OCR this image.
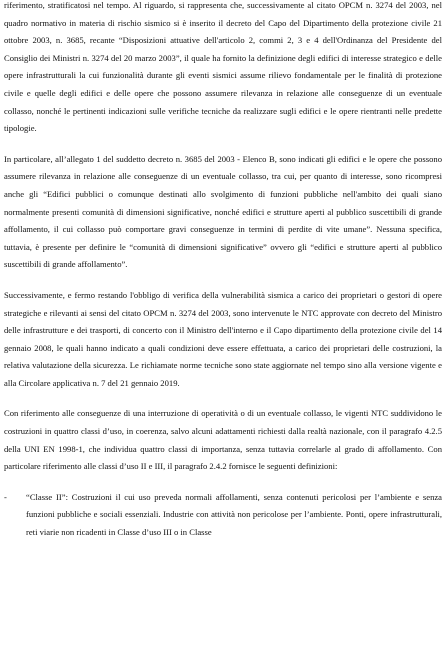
riferimento, stratificatosi nel tempo. Al riguardo, si rappresenta che, successivamente al citato OPCM n. 3274 del 2003, nel quadro normativo in materia di rischio sismico si è inserito il decreto del Capo del Dipartimento della protezione civile 21 ottobre 2003, n. 3685, recante “Disposizioni attuative dell'articolo 2, commi 2, 3 e 4 dell'Ordinanza del Presidente del Consiglio dei Ministri n. 3274 del 20 marzo 2003”, il quale ha fornito la definizione degli edifici di interesse strategico e delle opere infrastrutturali la cui funzionalità durante gli eventi sismici assume rilievo fondamentale per le finalità di protezione civile e quelle degli edifici e delle opere che possono assumere rilevanza in relazione alle conseguenze di un eventuale collasso, nonché le pertinenti indicazioni sulle verifiche tecniche da realizzare sugli edifici e le opere rientranti nelle predette tipologie.

In particolare, all’allegato 1 del suddetto decreto n. 3685 del 2003 - Elenco B, sono indicati gli edifici e le opere che possono assumere rilevanza in relazione alle conseguenze di un eventuale collasso, tra cui, per quanto di interesse, sono ricompresi anche gli “Edifici pubblici o comunque destinati allo svolgimento di funzioni pubbliche nell'ambito dei quali siano normalmente presenti comunità di dimensioni significative, nonché edifici e strutture aperti al pubblico suscettibili di grande affollamento, il cui collasso può comportare gravi conseguenze in termini di perdite di vite umane”. Nessuna specifica, tuttavia, è presente per definire le “comunità di dimensioni significative” ovvero gli “edifici e strutture aperti al pubblico suscettibili di grande affollamento”.

Successivamente, e fermo restando l'obbligo di verifica della vulnerabilità sismica a carico dei proprietari o gestori di opere strategiche e rilevanti ai sensi del citato OPCM n. 3274 del 2003, sono intervenute le NTC approvate con decreto del Ministro delle infrastrutture e dei trasporti, di concerto con il Ministro dell'interno e il Capo dipartimento della protezione civile del 14 gennaio 2008, le quali hanno indicato a quali condizioni deve essere effettuata, a carico dei proprietari delle costruzioni, la relativa valutazione della sicurezza. Le richiamate norme tecniche sono state aggiornate nel tempo sino alla versione vigente e alla Circolare applicativa n. 7 del 21 gennaio 2019.

Con riferimento alle conseguenze di una interruzione di operatività o di un eventuale collasso, le vigenti NTC suddividono le costruzioni in quattro classi d’uso, in coerenza, salvo alcuni adattamenti richiesti dalla realtà nazionale, con il paragrafo 4.2.5 della UNI EN 1998-1, che individua quattro classi di importanza, senza tuttavia correlarle al grado di affollamento. Con particolare riferimento alle classi d’uso II e III, il paragrafo 2.4.2 fornisce le seguenti definizioni:

-	“Classe II”: Costruzioni il cui uso preveda normali affollamenti, senza contenuti pericolosi per l’ambiente e senza funzioni pubbliche e sociali essenziali. Industrie con attività non pericolose per l’ambiente. Ponti, opere infrastrutturali, reti viarie non ricadenti in Classe d’uso III o in Classe
